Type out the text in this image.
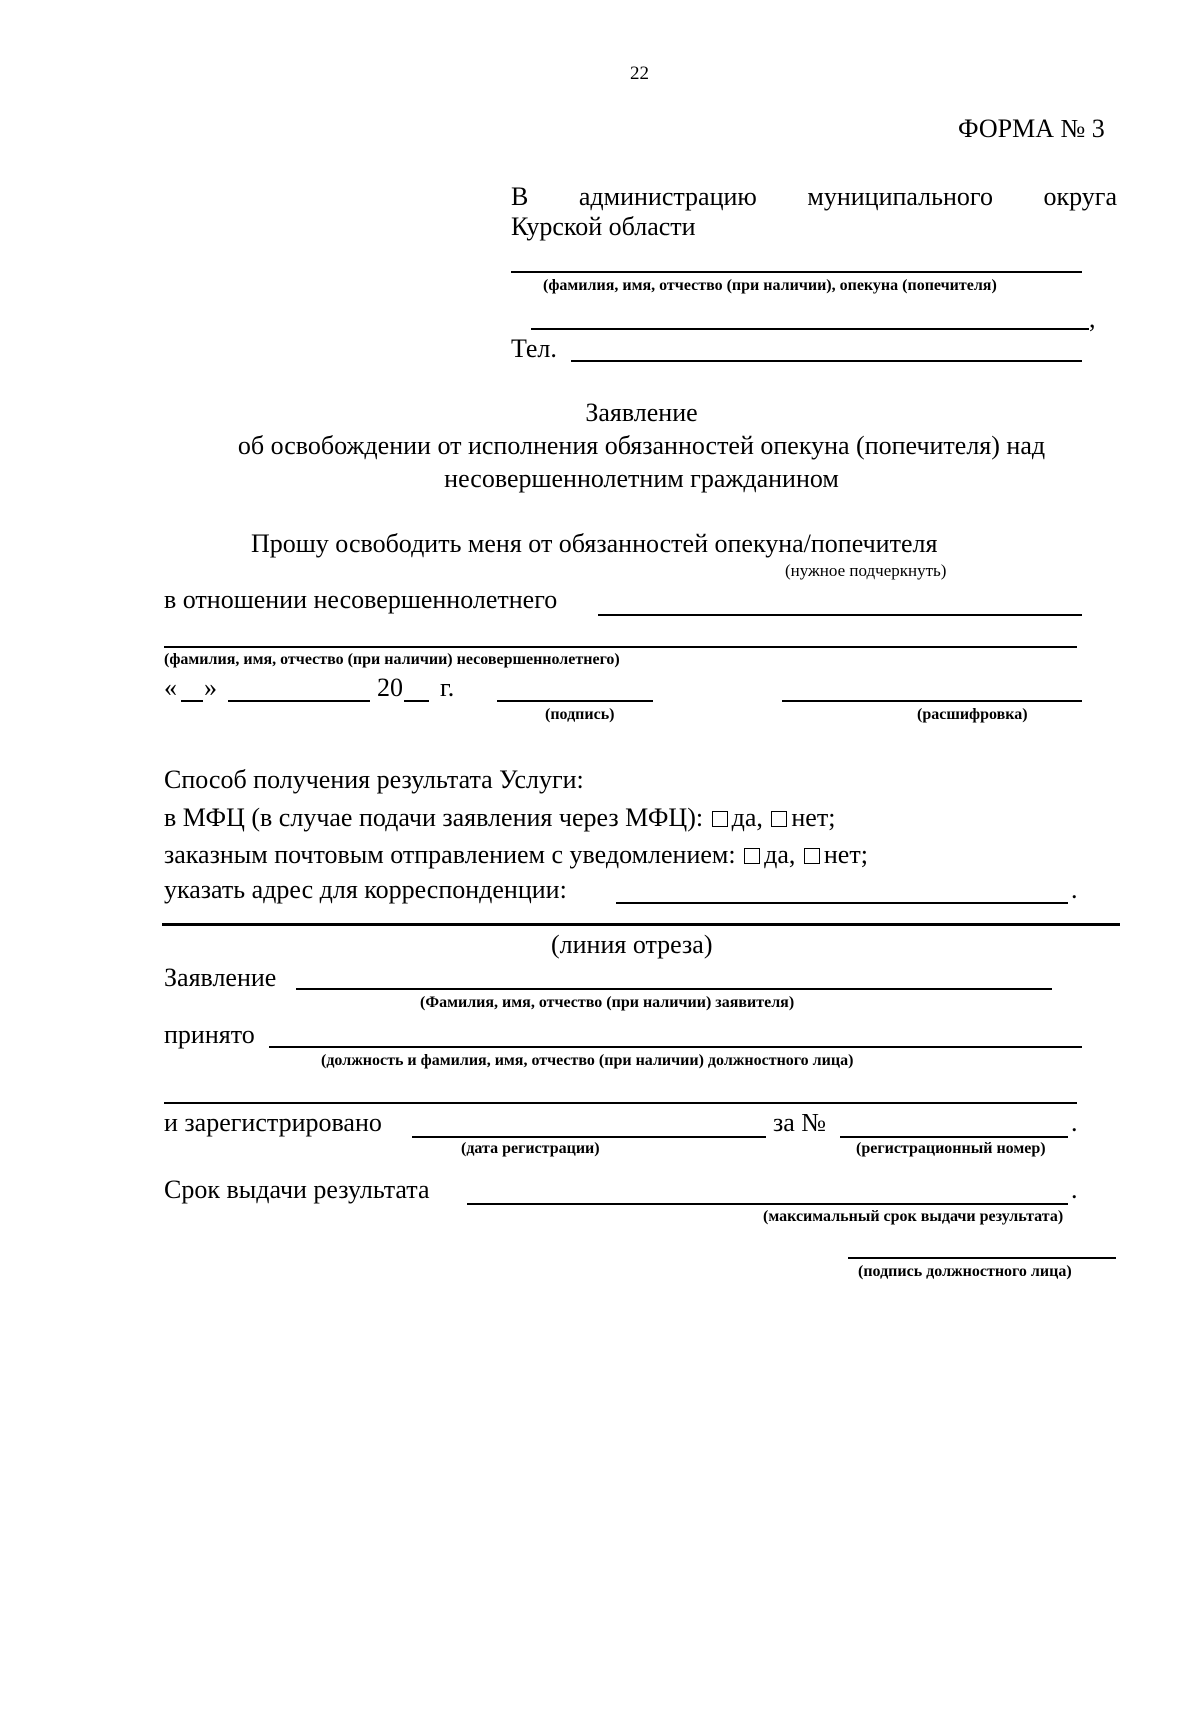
22
ФОРМА № 3
В администрацию муниципального округа
Курской области
(фамилия, имя, отчество (при наличии), опекуна (попечителя)
,
Тел.
Заявление
об освобождении от исполнения обязанностей опекуна (попечителя) над
несовершеннолетним гражданином
Прошу освободить меня от обязанностей опекуна/попечителя
(нужное подчеркнуть)
в отношении несовершеннолетнего
(фамилия, имя, отчество (при наличии) несовершеннолетнего)
« »	20 г.
(подпись)	(расшифровка)
Способ получения результата Услуги:
в МФЦ (в случае подачи заявления через МФЦ): да, нет;
заказным почтовым отправлением с уведомлением: да, нет;
указать адрес для корреспонденции:	.
(линия отреза)
Заявление
(Фамилия, имя, отчество (при наличии) заявителя)
принято
(должность и фамилия, имя, отчество (при наличии) должностного лица)
и зарегистрировано	за №	.
(дата регистрации)	(регистрационный номер)
Срок выдачи результата	.
(максимальный срок выдачи результата)
(подпись должностного лица)
